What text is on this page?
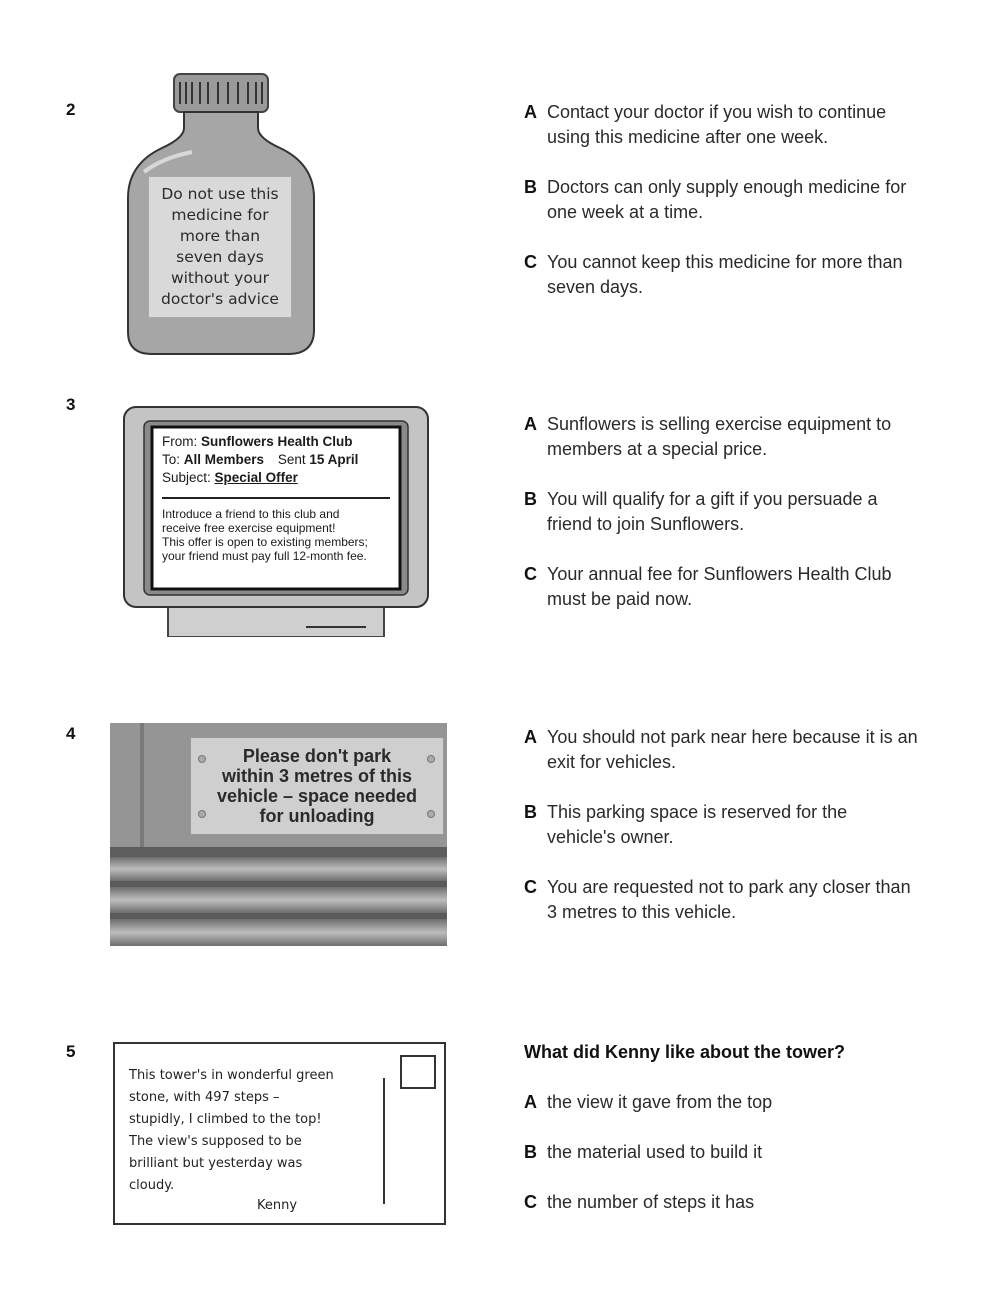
2
Do not use this
medicine for
more than
seven days
without your
doctor's advice
A Contact your doctor if you wish to continue using this medicine after one week.
B Doctors can only supply enough medicine for one week at a time.
C You cannot keep this medicine for more than seven days.
3
From: Sunflowers Health Club
To: All Members Sent 15 April
Subject: Special Offer
Introduce a friend to this club and
receive free exercise equipment!
This offer is open to existing members;
your friend must pay full 12-month fee.
A Sunflowers is selling exercise equipment to members at a special price.
B You will qualify for a gift if you persuade a friend to join Sunflowers.
C Your annual fee for Sunflowers Health Club must be paid now.
4
Please don't park
within 3 metres of this
vehicle – space needed
for unloading
A You should not park near here because it is an exit for vehicles.
B This parking space is reserved for the vehicle's owner.
C You are requested not to park any closer than 3 metres to this vehicle.
5
This tower's in wonderful green
stone, with 497 steps –
stupidly, I climbed to the top!
The view's supposed to be
brilliant but yesterday was
cloudy.
Kenny
What did Kenny like about the tower?
A the view it gave from the top
B the material used to build it
C the number of steps it has
